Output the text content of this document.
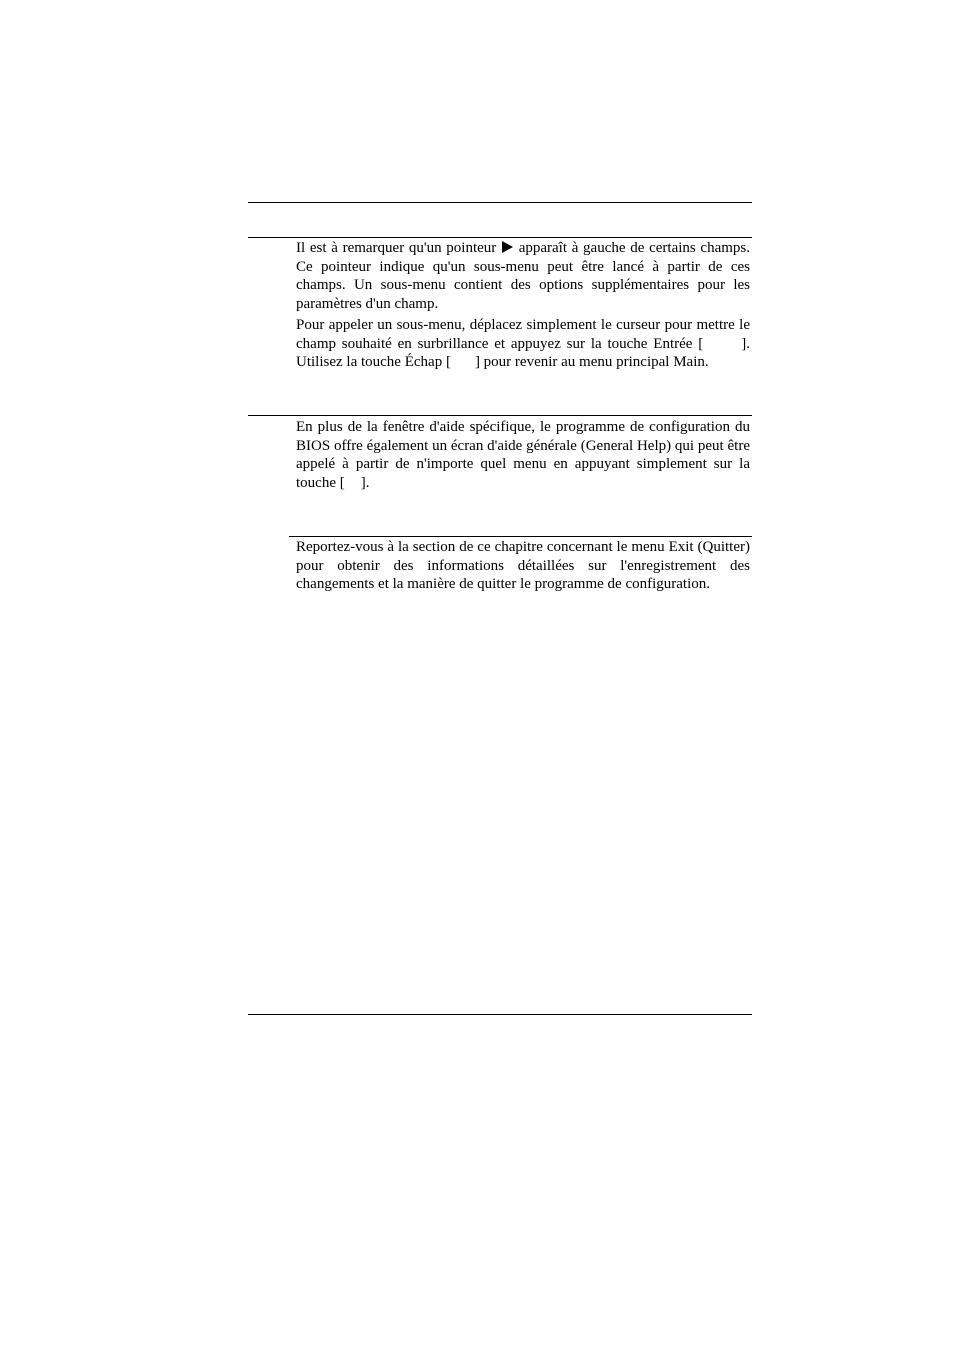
Il est à remarquer qu'un pointeur apparaît à gauche de certains champs. Ce pointeur indique qu'un sous-menu peut être lancé à partir de ces champs. Un sous-menu contient des options supplémentaires pour les paramètres d'un champ.

Pour appeler un sous-menu, déplacez simplement le curseur pour mettre le champ souhaité en surbrillance et appuyez sur la touche Entrée [	]. Utilisez la touche Échap [ ] pour revenir au menu principal Main.

En plus de la fenêtre d'aide spécifique, le programme de configuration du BIOS offre également un écran d'aide générale (General Help) qui peut être appelé à partir de n'importe quel menu en appuyant simplement sur la touche [ ].

Reportez-vous à la section de ce chapitre concernant le menu Exit (Quitter) pour obtenir des informations détaillées sur l'enregistrement des changements et la manière de quitter le programme de configuration.
